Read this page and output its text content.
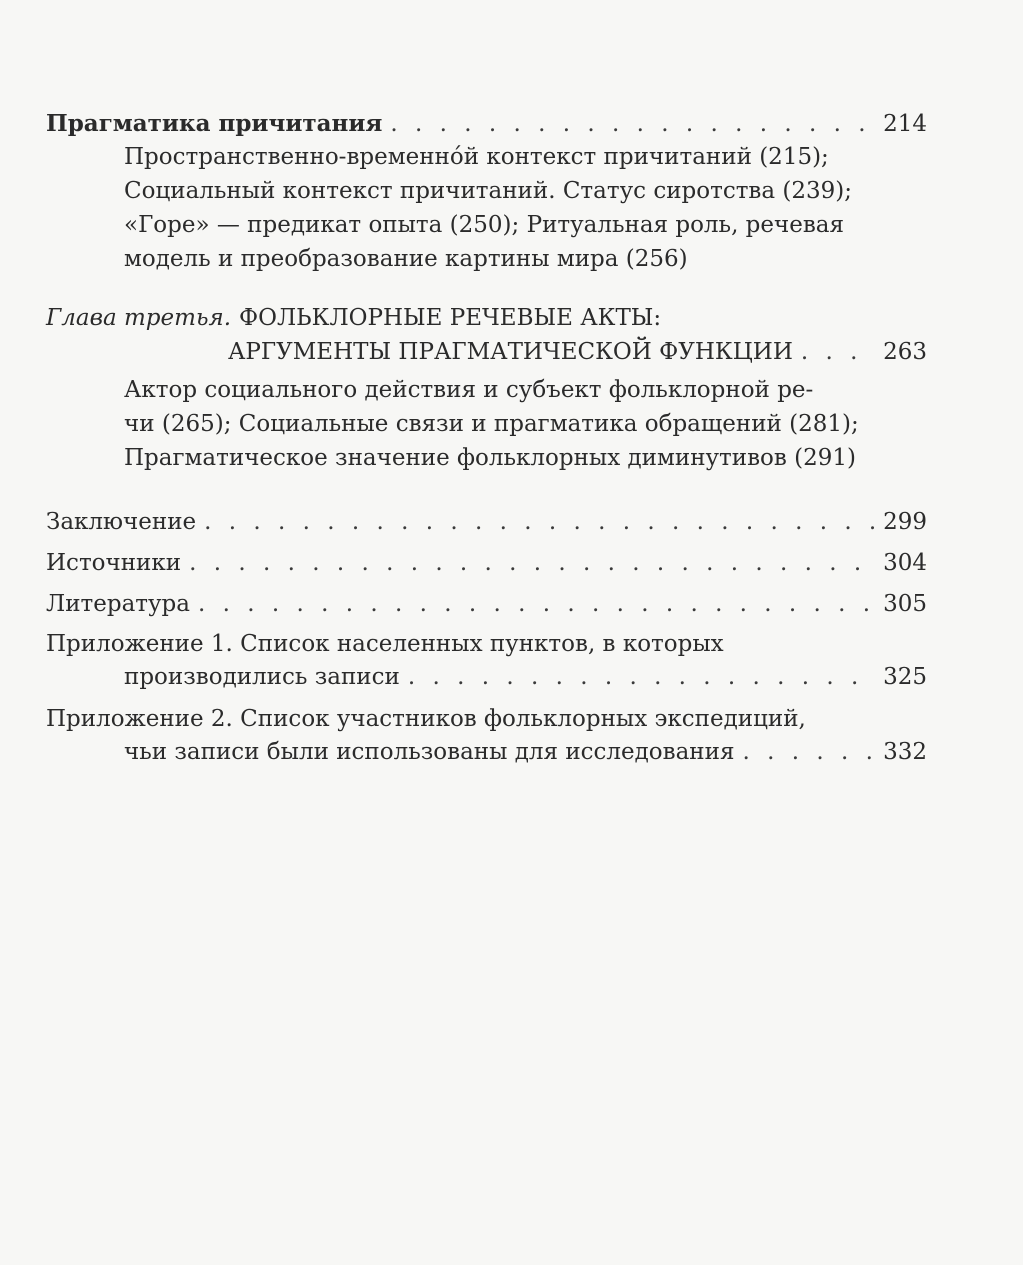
Прагматика причитания . . .	214
Пространственно-временно́й контекст причитаний (215);
Социальный контекст причитаний. Статус сиротства (239);
«Горе» — предикат опыта (250); Ритуальная роль, речевая
модель и преобразование картины мира (256)
Глава третья. ФОЛЬКЛОРНЫЕ РЕЧЕВЫЕ АКТЫ:
АРГУМЕНТЫ ПРАГМАТИЧЕСКОЙ ФУНКЦИИ . . .	263
Актор социального действия и субъект фольклорной ре-
чи (265); Социальные связи и прагматика обращений (281);
Прагматическое значение фольклорных диминутивов (291)
Заключение . . .	299
Источники . . .	304
Литература . . .	305
Приложение 1. Список населенных пунктов, в которых
производились записи . . .	325
Приложение 2. Список участников фольклорных экспедиций,
чьи записи были использованы для исследования . . .	332
